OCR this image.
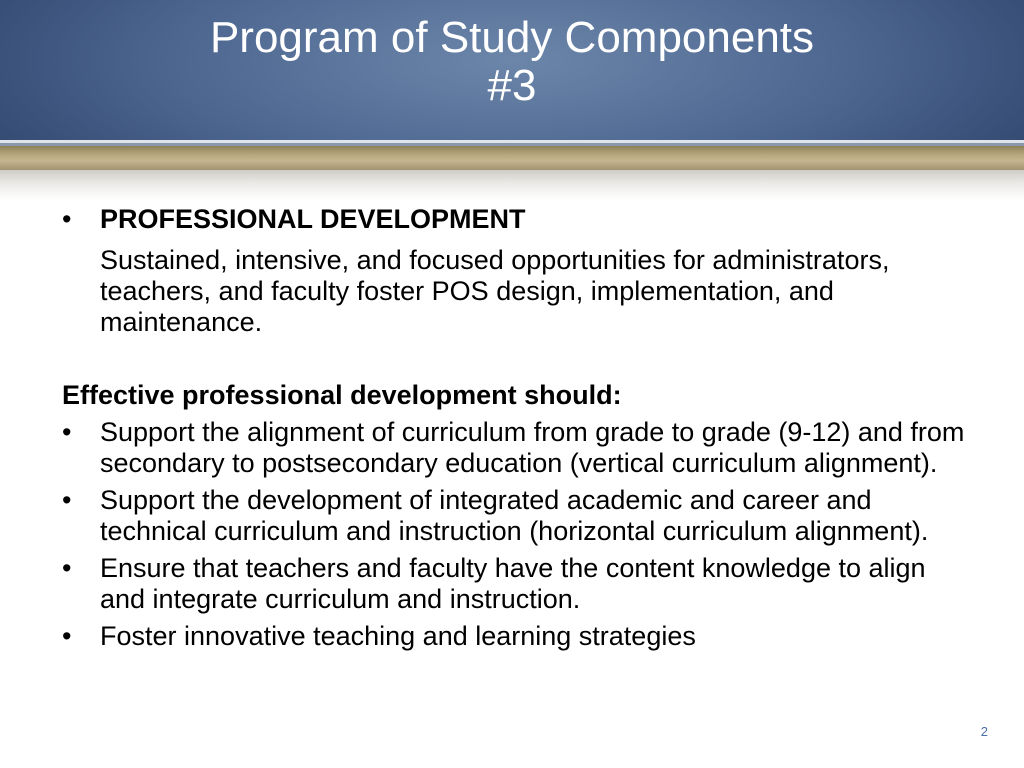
Program of Study Components
#3
•	PROFESSIONAL DEVELOPMENT
Sustained, intensive, and focused opportunities for administrators, teachers, and faculty foster POS design, implementation, and maintenance.
Effective professional development should:
•	Support the alignment of curriculum from grade to grade (9-12) and from secondary to postsecondary education (vertical curriculum alignment).
•	Support the development of integrated academic and career and technical curriculum and instruction (horizontal curriculum alignment).
•	Ensure that teachers and faculty have the content knowledge to align and integrate curriculum and instruction.
•	Foster innovative teaching and learning strategies
2
